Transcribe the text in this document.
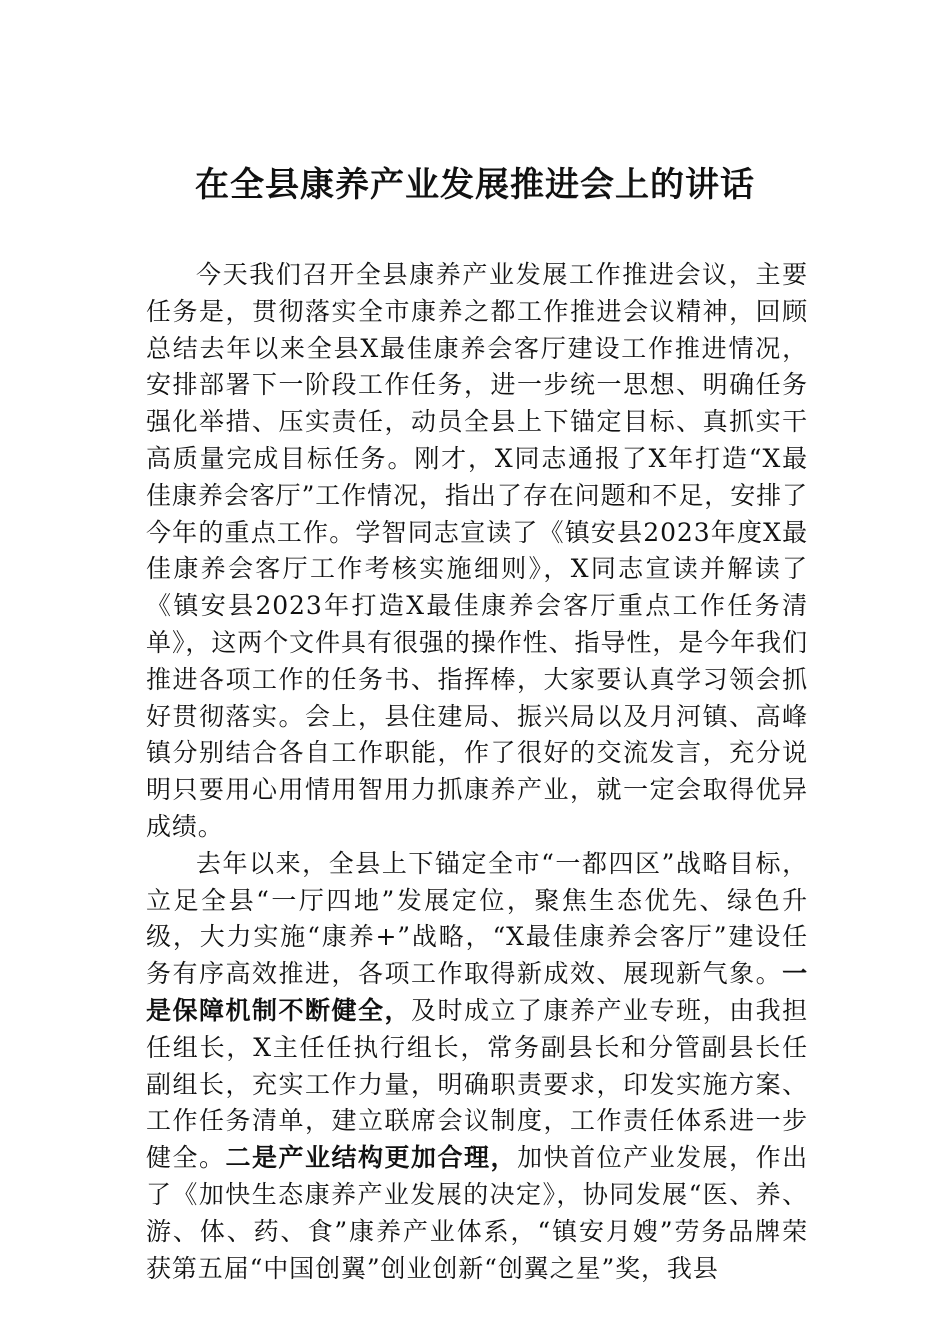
在全县康养产业发展推进会上的讲话

今天我们召开全县康养产业发展工作推进会议，主要任务是，贯彻落实全市康养之都工作推进会议精神，回顾总结去年以来全县X最佳康养会客厅建设工作推进情况，安排部署下一阶段工作任务，进一步统一思想、明确任务强化举措、压实责任，动员全县上下锚定目标、真抓实干高质量完成目标任务。刚才，X同志通报了X年打造“X最佳康养会客厅”工作情况，指出了存在问题和不足，安排了今年的重点工作。学智同志宣读了《镇安县2023年度X最佳康养会客厅工作考核实施细则》，X同志宣读并解读了《镇安县2023年打造X最佳康养会客厅重点工作任务清单》，这两个文件具有很强的操作性、指导性，是今年我们推进各项工作的任务书、指挥棒，大家要认真学习领会抓好贯彻落实。会上，县住建局、振兴局以及月河镇、高峰镇分别结合各自工作职能，作了很好的交流发言，充分说明只要用心用情用智用力抓康养产业，就一定会取得优异成绩。

去年以来，全县上下锚定全市“一都四区”战略目标，立足全县“一厅四地”发展定位，聚焦生态优先、绿色升级，大力实施“康养+”战略，“X最佳康养会客厅”建设任务有序高效推进，各项工作取得新成效、展现新气象。一是保障机制不断健全，及时成立了康养产业专班，由我担任组长，X主任任执行组长，常务副县长和分管副县长任副组长，充实工作力量，明确职责要求，印发实施方案、工作任务清单，建立联席会议制度，工作责任体系进一步健全。二是产业结构更加合理，加快首位产业发展，作出了《加快生态康养产业发展的决定》，协同发展“医、养、游、体、药、食”康养产业体系，“镇安月嫂”劳务品牌荣获第五届“中国创翼”创业创新“创翼之星”奖，我县
